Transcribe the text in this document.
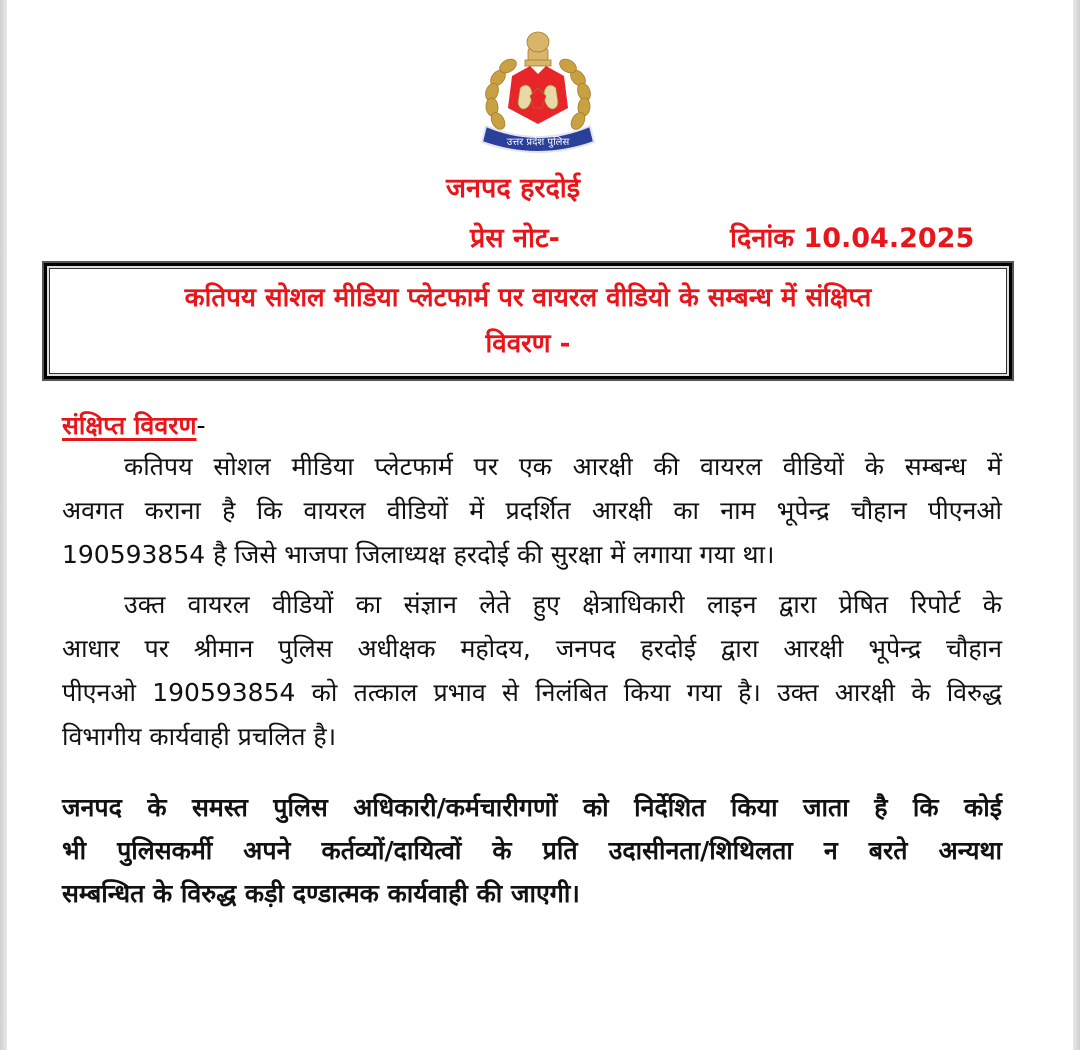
उत्तर प्रदेश पुलिस
जनपद हरदोई
प्रेस नोट-	दिनांक 10.04.2025
कतिपय सोशल मीडिया प्लेटफार्म पर वायरल वीडियो के सम्बन्ध में संक्षिप्त
विवरण -
संक्षिप्त विवरण-
कतिपय सोशल मीडिया प्लेटफार्म पर एक आरक्षी की वायरल वीडियों के सम्बन्ध में
अवगत कराना है कि वायरल वीडियों में प्रदर्शित आरक्षी का नाम भूपेन्द्र चौहान पीएनओ
190593854 है जिसे भाजपा जिलाध्यक्ष हरदोई की सुरक्षा में लगाया गया था।
उक्त वायरल वीडियों का संज्ञान लेते हुए क्षेत्राधिकारी लाइन द्वारा प्रेषित रिपोर्ट के
आधार पर श्रीमान पुलिस अधीक्षक महोदय, जनपद हरदोई द्वारा आरक्षी भूपेन्द्र चौहान
पीएनओ 190593854 को तत्काल प्रभाव से निलंबित किया गया है। उक्त आरक्षी के विरुद्ध
विभागीय कार्यवाही प्रचलित है।
जनपद के समस्त पुलिस अधिकारी/कर्मचारीगणों को निर्देशित किया जाता है कि कोई
भी पुलिसकर्मी अपने कर्तव्यों/दायित्वों के प्रति उदासीनता/शिथिलता न बरते अन्यथा
सम्बन्धित के विरुद्ध कड़ी दण्डात्मक कार्यवाही की जाएगी।
